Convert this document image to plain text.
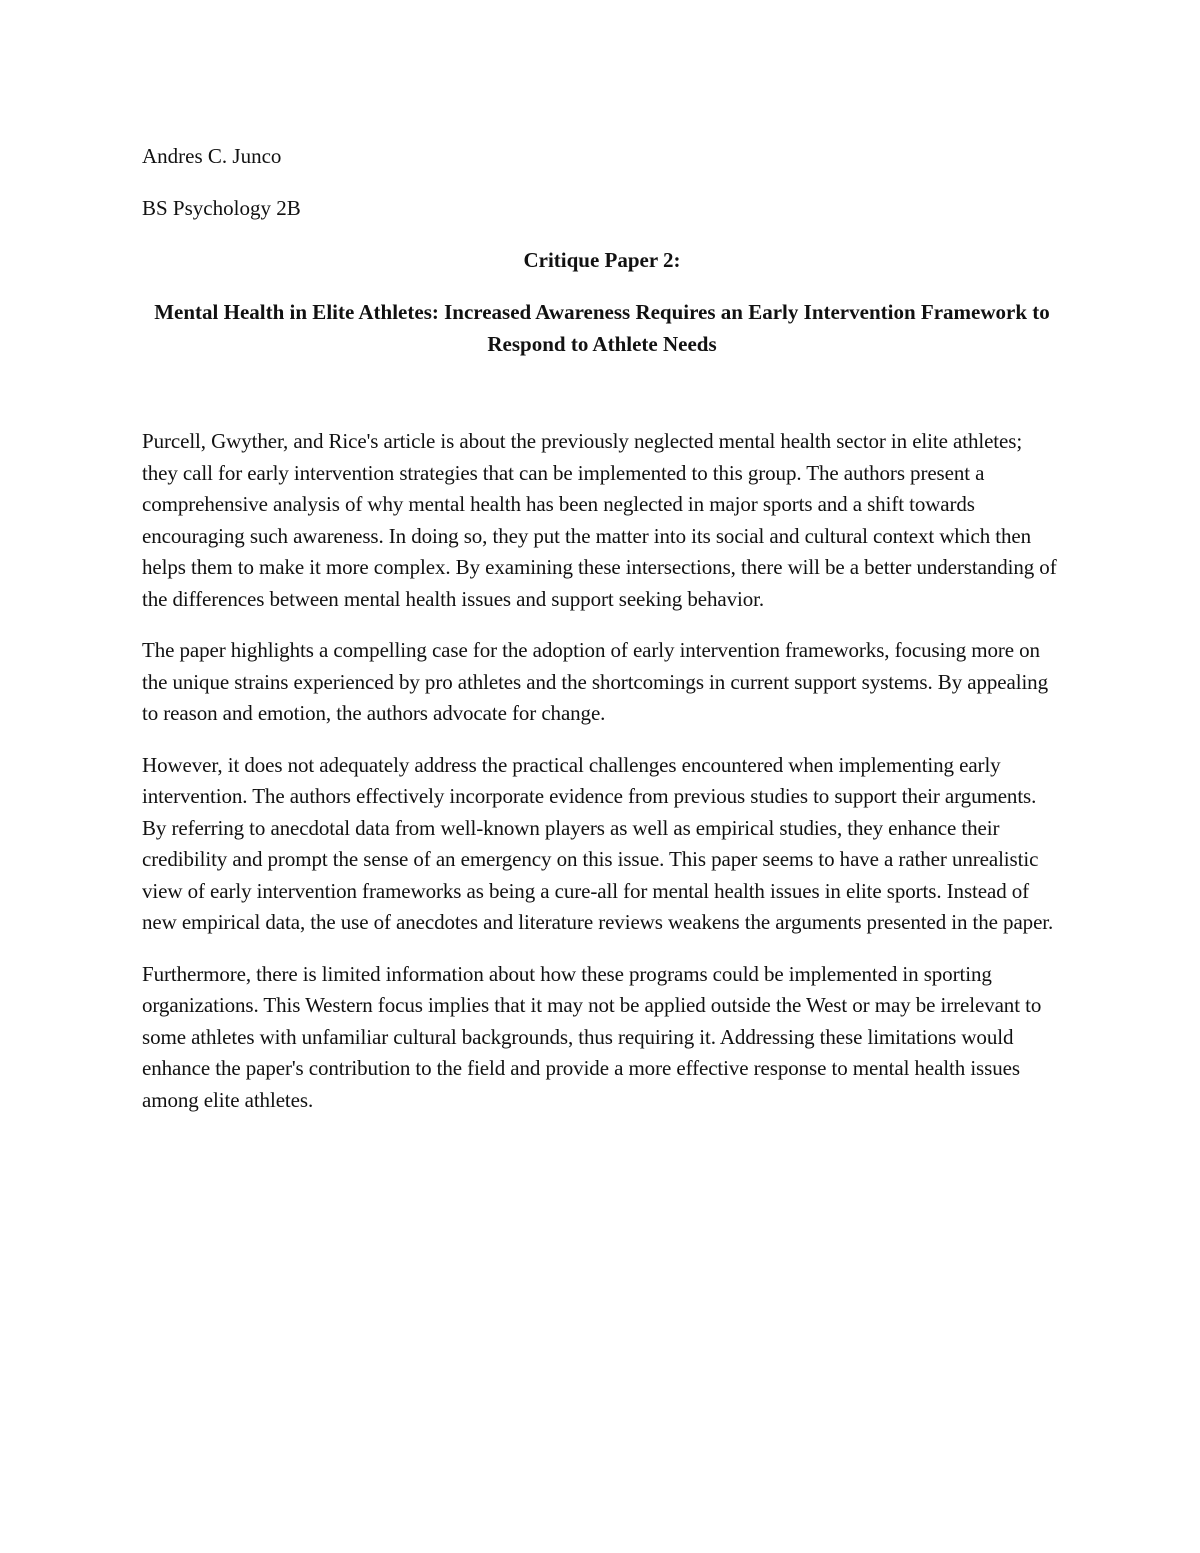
Andres C. Junco

BS Psychology 2B

Critique Paper 2:

Mental Health in Elite Athletes: Increased Awareness Requires an Early Intervention Framework to Respond to Athlete Needs

Purcell, Gwyther, and Rice's article is about the previously neglected mental health sector in elite athletes; they call for early intervention strategies that can be implemented to this group. The authors present a comprehensive analysis of why mental health has been neglected in major sports and a shift towards encouraging such awareness. In doing so, they put the matter into its social and cultural context which then helps them to make it more complex. By examining these intersections, there will be a better understanding of the differences between mental health issues and support seeking behavior.

The paper highlights a compelling case for the adoption of early intervention frameworks, focusing more on the unique strains experienced by pro athletes and the shortcomings in current support systems. By appealing to reason and emotion, the authors advocate for change.

However, it does not adequately address the practical challenges encountered when implementing early intervention. The authors effectively incorporate evidence from previous studies to support their arguments. By referring to anecdotal data from well-known players as well as empirical studies, they enhance their credibility and prompt the sense of an emergency on this issue. This paper seems to have a rather unrealistic view of early intervention frameworks as being a cure-all for mental health issues in elite sports. Instead of new empirical data, the use of anecdotes and literature reviews weakens the arguments presented in the paper.

Furthermore, there is limited information about how these programs could be implemented in sporting organizations. This Western focus implies that it may not be applied outside the West or may be irrelevant to some athletes with unfamiliar cultural backgrounds, thus requiring it. Addressing these limitations would enhance the paper's contribution to the field and provide a more effective response to mental health issues among elite athletes.
